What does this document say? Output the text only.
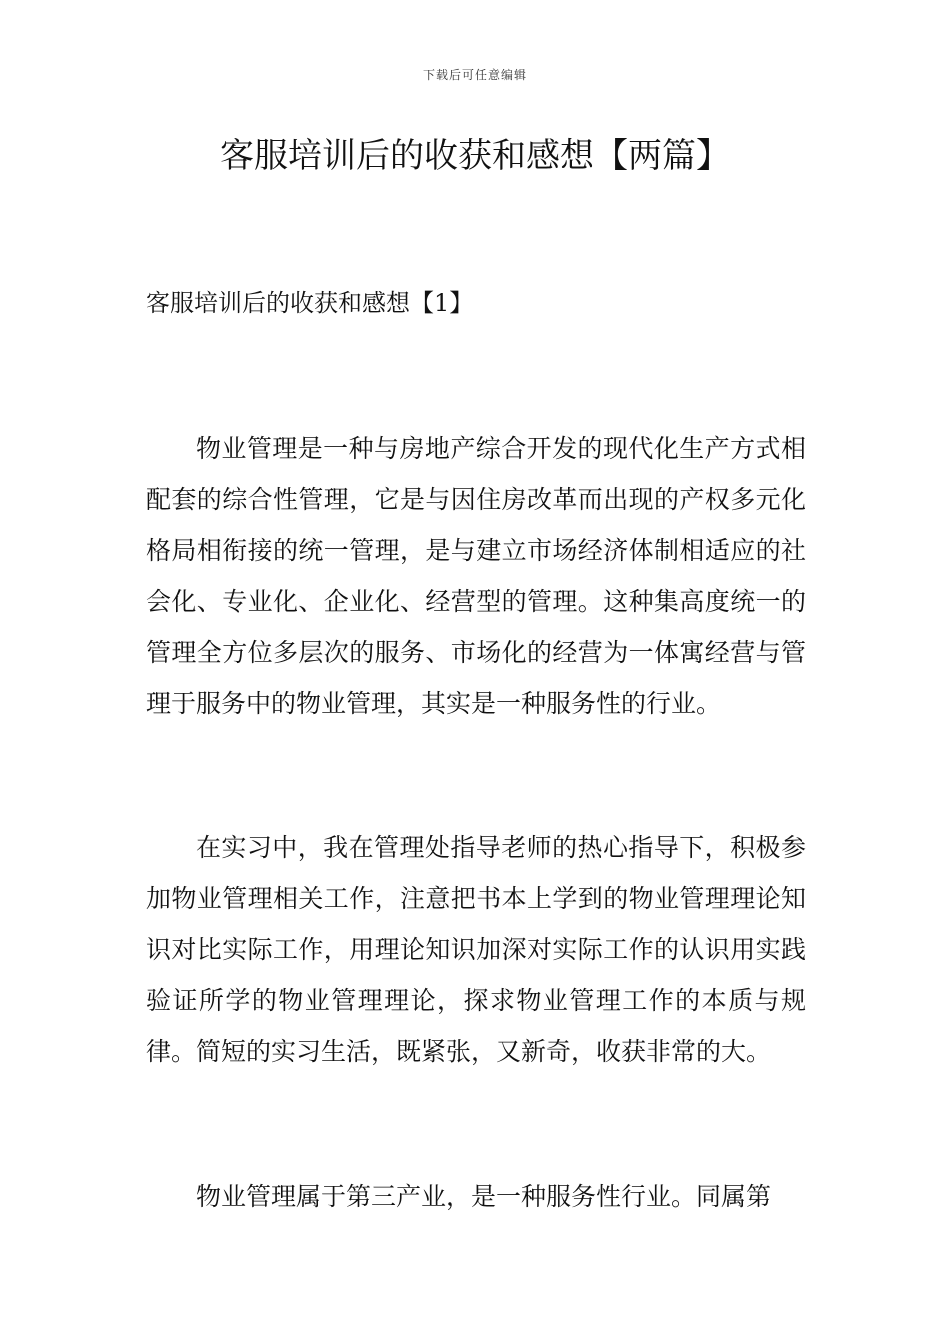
下载后可任意编辑
客服培训后的收获和感想【两篇】
客服培训后的收获和感想【1】

物业管理是一种与房地产综合开发的现代化生产方式相配套的综合性管理，它是与因住房改革而出现的产权多元化格局相衔接的统一管理，是与建立市场经济体制相适应的社会化、专业化、企业化、经营型的管理。这种集高度统一的管理全方位多层次的服务、市场化的经营为一体寓经营与管理于服务中的物业管理，其实是一种服务性的行业。

在实习中，我在管理处指导老师的热心指导下，积极参加物业管理相关工作，注意把书本上学到的物业管理理论知识对比实际工作，用理论知识加深对实际工作的认识用实践验证所学的物业管理理论，探求物业管理工作的本质与规律。简短的实习生活，既紧张，又新奇，收获非常的大。

物业管理属于第三产业，是一种服务性行业。同属第
